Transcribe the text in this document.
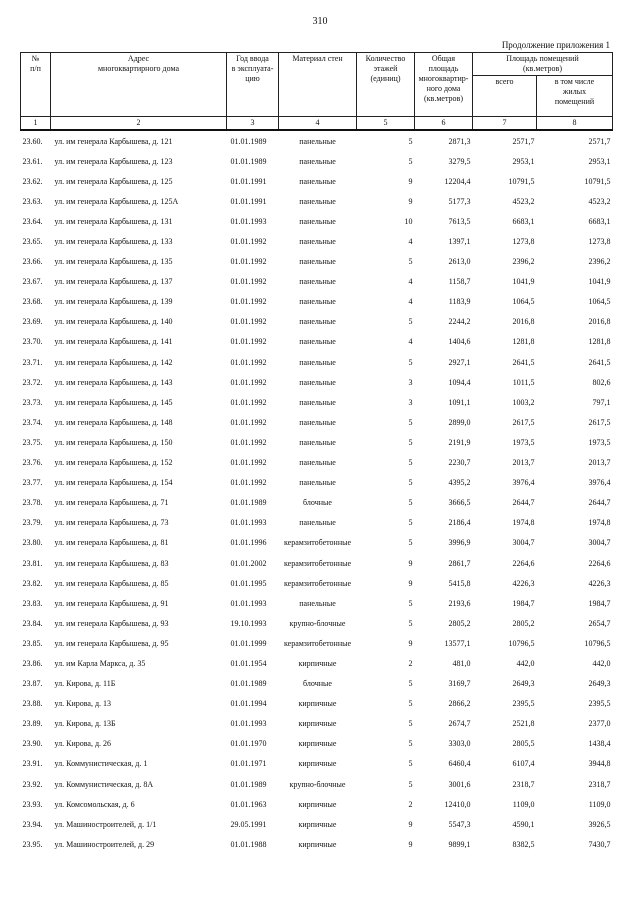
310
Продолжение приложения 1
№
п/п	Адрес
многоквартирного дома	Год ввода
в эксплуата-
цию	Материал стен	Количество
этажей
(единиц)	Общая площадь
многоквартир-
ного дома
(кв.метров)	Площадь помещений
(кв.метров)	
						всего	в том числе
жилых
помещений
1	2	3	4	5	6	7	8
23.60.	ул. им генерала Карбышева, д. 121	01.01.1989	панельные	5	2871,3	2571,7	2571,7
23.61.	ул. им генерала Карбышева, д. 123	01.01.1989	панельные	5	3279,5	2953,1	2953,1
23.62.	ул. им генерала Карбышева, д. 125	01.01.1991	панельные	9	12204,4	10791,5	10791,5
23.63.	ул. им генерала Карбышева, д. 125А	01.01.1991	панельные	9	5177,3	4523,2	4523,2
23.64.	ул. им генерала Карбышева, д. 131	01.01.1993	панельные	10	7613,5	6683,1	6683,1
23.65.	ул. им генерала Карбышева, д. 133	01.01.1992	панельные	4	1397,1	1273,8	1273,8
23.66.	ул. им генерала Карбышева, д. 135	01.01.1992	панельные	5	2613,0	2396,2	2396,2
23.67.	ул. им генерала Карбышева, д. 137	01.01.1992	панельные	4	1158,7	1041,9	1041,9
23.68.	ул. им генерала Карбышева, д. 139	01.01.1992	панельные	4	1183,9	1064,5	1064,5
23.69.	ул. им генерала Карбышева, д. 140	01.01.1992	панельные	5	2244,2	2016,8	2016,8
23.70.	ул. им генерала Карбышева, д. 141	01.01.1992	панельные	4	1404,6	1281,8	1281,8
23.71.	ул. им генерала Карбышева, д. 142	01.01.1992	панельные	5	2927,1	2641,5	2641,5
23.72.	ул. им генерала Карбышева, д. 143	01.01.1992	панельные	3	1094,4	1011,5	802,6
23.73.	ул. им генерала Карбышева, д. 145	01.01.1992	панельные	3	1091,1	1003,2	797,1
23.74.	ул. им генерала Карбышева, д. 148	01.01.1992	панельные	5	2899,0	2617,5	2617,5
23.75.	ул. им генерала Карбышева, д. 150	01.01.1992	панельные	5	2191,9	1973,5	1973,5
23.76.	ул. им генерала Карбышева, д. 152	01.01.1992	панельные	5	2230,7	2013,7	2013,7
23.77.	ул. им генерала Карбышева, д. 154	01.01.1992	панельные	5	4395,2	3976,4	3976,4
23.78.	ул. им генерала Карбышева, д. 71	01.01.1989	блочные	5	3666,5	2644,7	2644,7
23.79.	ул. им генерала Карбышева, д. 73	01.01.1993	панельные	5	2186,4	1974,8	1974,8
23.80.	ул. им генерала Карбышева, д. 81	01.01.1996	керамзитобетонные	5	3996,9	3004,7	3004,7
23.81.	ул. им генерала Карбышева, д. 83	01.01.2002	керамзитобетонные	9	2861,7	2264,6	2264,6
23.82.	ул. им генерала Карбышева, д. 85	01.01.1995	керамзитобетонные	9	5415,8	4226,3	4226,3
23.83.	ул. им генерала Карбышева, д. 91	01.01.1993	панельные	5	2193,6	1984,7	1984,7
23.84.	ул. им генерала Карбышева, д. 93	19.10.1993	крупно-блочные	5	2805,2	2805,2	2654,7
23.85.	ул. им генерала Карбышева, д. 95	01.01.1999	керамзитобетонные	9	13577,1	10796,5	10796,5
23.86.	ул. им Карла Маркса, д. 35	01.01.1954	кирпичные	2	481,0	442,0	442,0
23.87.	ул. Кирова, д. 11Б	01.01.1989	блочные	5	3169,7	2649,3	2649,3
23.88.	ул. Кирова, д. 13	01.01.1994	кирпичные	5	2866,2	2395,5	2395,5
23.89.	ул. Кирова, д. 13Б	01.01.1993	кирпичные	5	2674,7	2521,8	2377,0
23.90.	ул. Кирова, д. 26	01.01.1970	кирпичные	5	3303,0	2805,5	1438,4
23.91.	ул. Коммунистическая, д. 1	01.01.1971	кирпичные	5	6460,4	6107,4	3944,8
23.92.	ул. Коммунистическая, д. 8А	01.01.1989	крупно-блочные	5	3001,6	2318,7	2318,7
23.93.	ул. Комсомольская, д. 6	01.01.1963	кирпичные	2	12410,0	1109,0	1109,0
23.94.	ул. Машиностроителей, д. 1/1	29.05.1991	кирпичные	9	5547,3	4590,1	3926,5
23.95.	ул. Машиностроителей, д. 29	01.01.1988	кирпичные	9	9899,1	8382,5	7430,7
